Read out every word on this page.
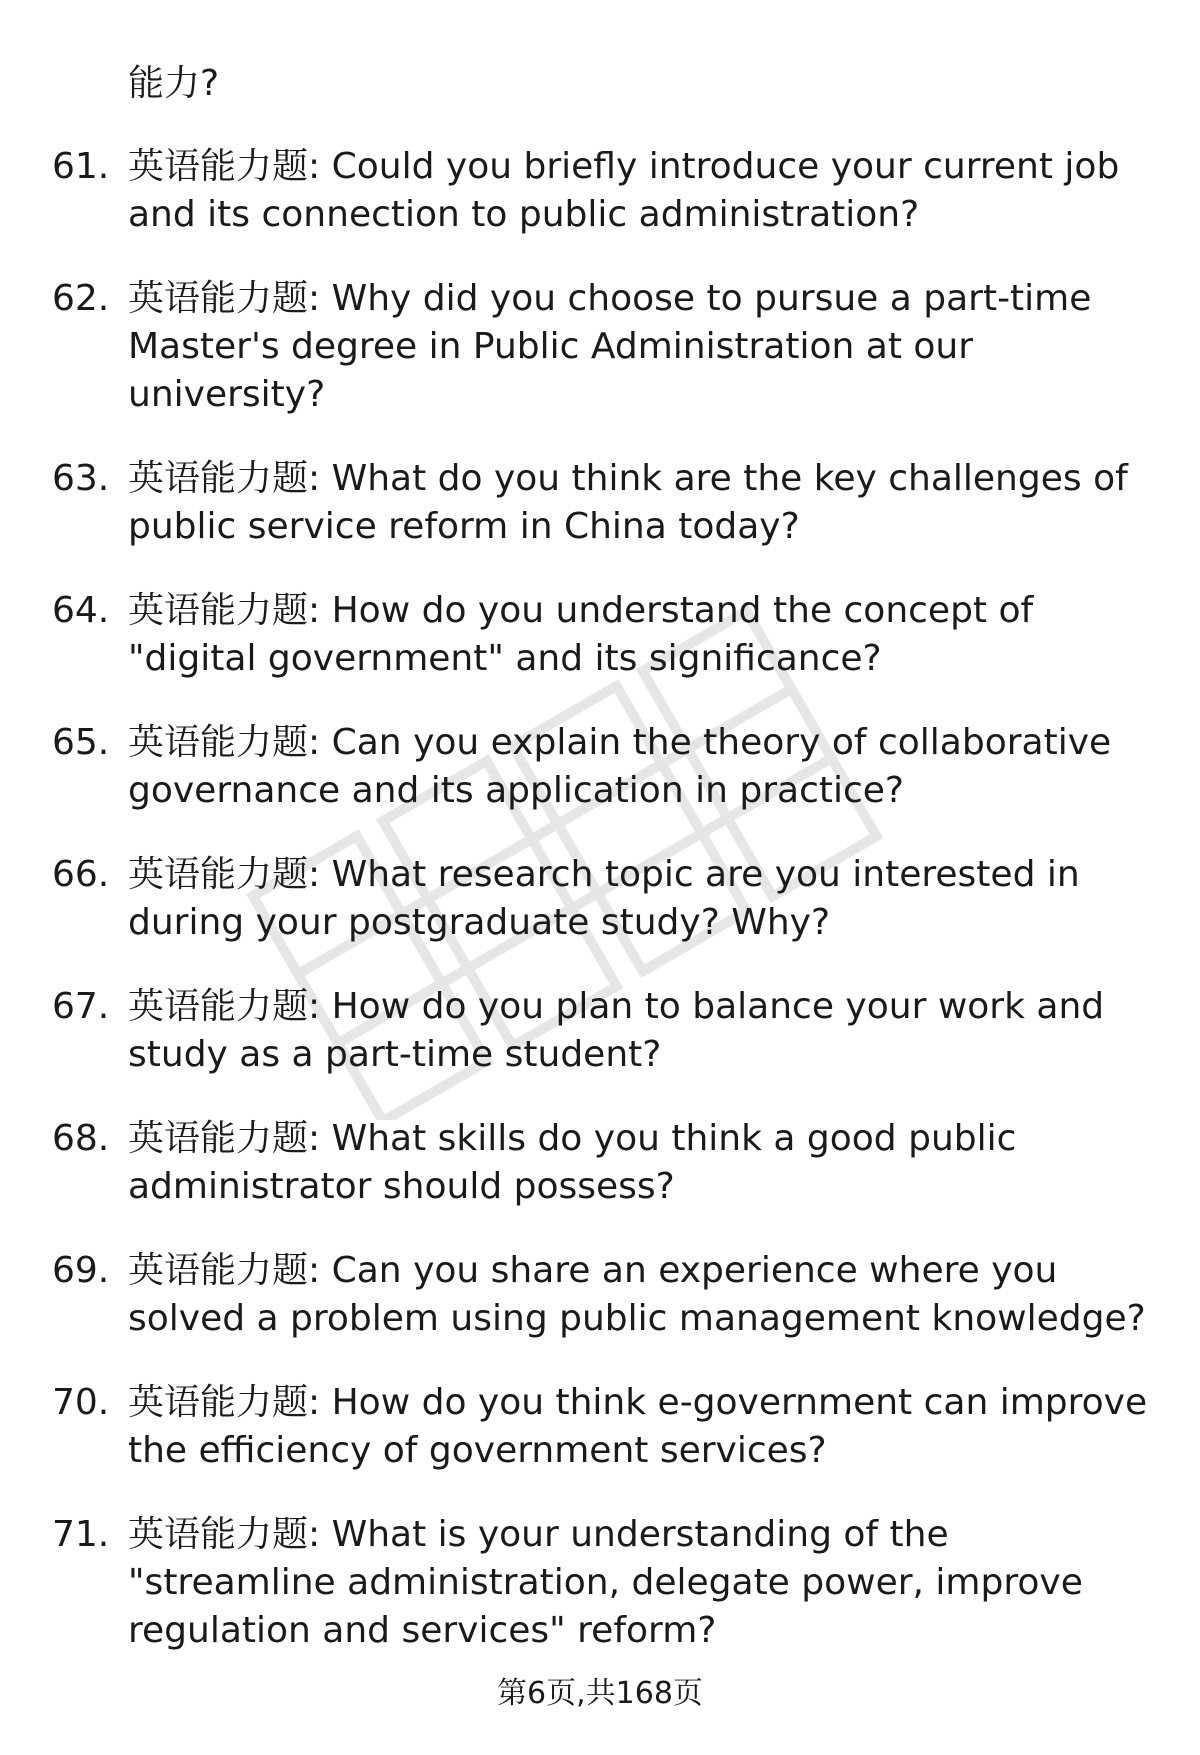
能力?

61. 英语能力题: Could you briefly introduce your current job and its connection to public administration?
62. 英语能力题: Why did you choose to pursue a part-time Master's degree in Public Administration at our university?
63. 英语能力题: What do you think are the key challenges of public service reform in China today?
64. 英语能力题: How do you understand the concept of "digital government" and its significance?
65. 英语能力题: Can you explain the theory of collaborative governance and its application in practice?
66. 英语能力题: What research topic are you interested in during your postgraduate study? Why?
67. 英语能力题: How do you plan to balance your work and study as a part-time student?
68. 英语能力题: What skills do you think a good public administrator should possess?
69. 英语能力题: Can you share an experience where you solved a problem using public management knowledge?
70. 英语能力题: How do you think e-government can improve the efficiency of government services?
71. 英语能力题: What is your understanding of the "streamline administration, delegate power, improve regulation and services" reform?
第6页,共168页
